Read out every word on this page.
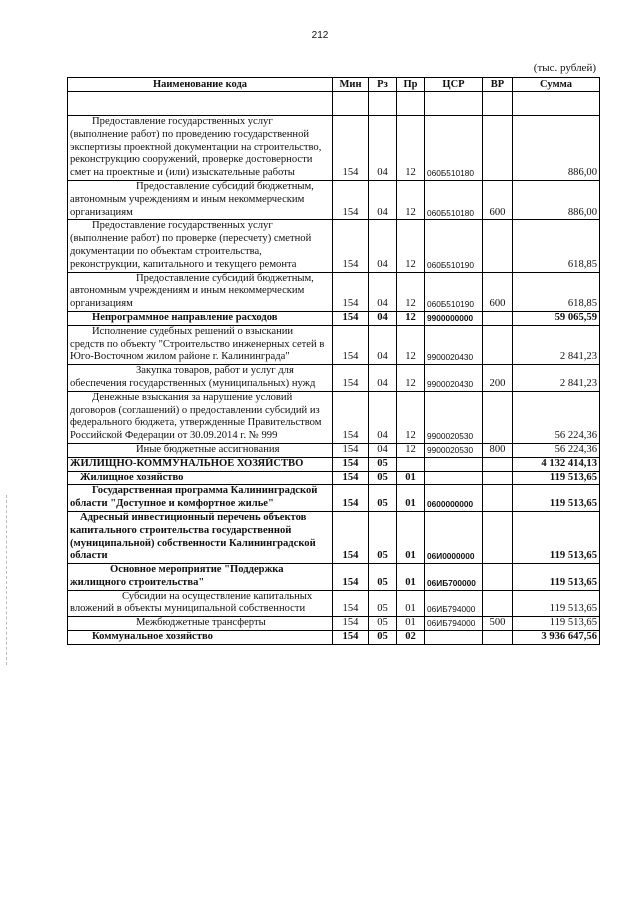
212
(тыс. рублей)
Наименование кода	Мин	Рз	Пр	ЦСР	ВР	Сумма

Предоставление государственных услуг (выполнение работ) по проведению государственной экспертизы проектной документации на строительство, реконструкцию сооружений, проверке достоверности смет на проектные и (или) изыскательные работы	154	04	12	060Б510180		886,00
Предоставление субсидий бюджетным, автономным учреждениям и иным некоммерческим организациям	154	04	12	060Б510180	600	886,00
Предоставление государственных услуг (выполнение работ) по проверке (пересчету) сметной документации по объектам строительства, реконструкции, капитального и текущего ремонта	154	04	12	060Б510190		618,85
Предоставление субсидий бюджетным, автономным учреждениям и иным некоммерческим организациям	154	04	12	060Б510190	600	618,85
Непрограммное направление расходов	154	04	12	9900000000		59 065,59
Исполнение судебных решений о взыскании средств по объекту "Строительство инженерных сетей в Юго-Восточном жилом районе г. Калининграда"	154	04	12	9900020430		2 841,23
Закупка товаров, работ и услуг для обеспечения государственных (муниципальных) нужд	154	04	12	9900020430	200	2 841,23
Денежные взыскания за нарушение условий договоров (соглашений) о предоставлении субсидий из федерального бюджета, утвержденные Правительством Российской Федерации от 30.09.2014 г. № 999	154	04	12	9900020530		56 224,36
Иные бюджетные ассигнования	154	04	12	9900020530	800	56 224,36
ЖИЛИЩНО-КОММУНАЛЬНОЕ ХОЗЯЙСТВО	154	05				4 132 414,13
Жилищное хозяйство	154	05	01			119 513,65
Государственная программа Калининградской области "Доступное и комфортное жилье"	154	05	01	0600000000		119 513,65
Адресный инвестиционный перечень объектов капитального строительства государственной (муниципальной) собственности Калининградской области	154	05	01	06И0000000		119 513,65
Основное мероприятие "Поддержка жилищного строительства"	154	05	01	06ИБ700000		119 513,65
Субсидии на осуществление капитальных вложений в объекты муниципальной собственности	154	05	01	06ИБ794000		119 513,65
Межбюджетные трансферты	154	05	01	06ИБ794000	500	119 513,65
Коммунальное хозяйство	154	05	02			3 936 647,56
